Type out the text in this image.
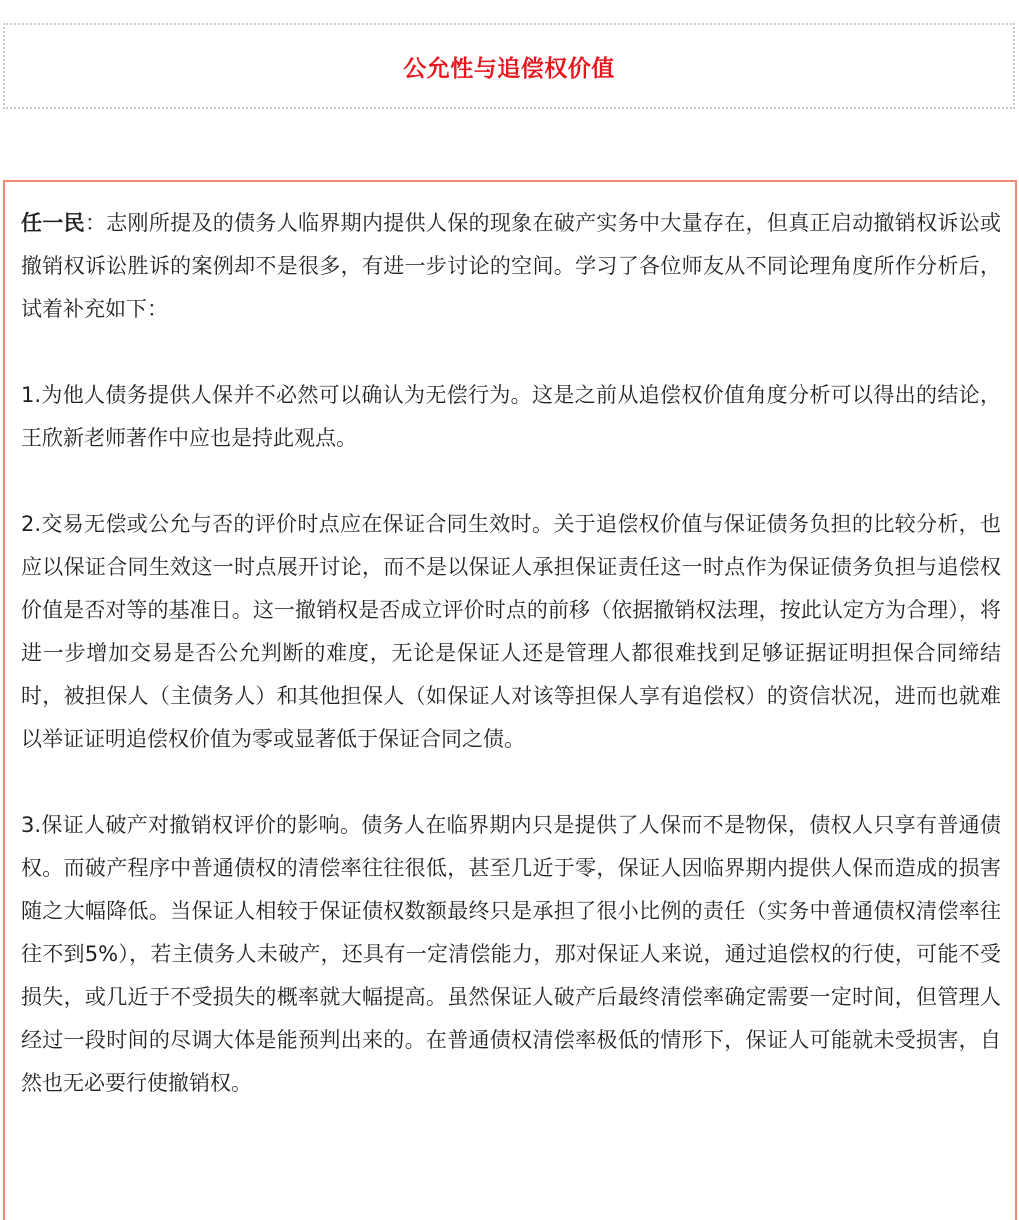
公允性与追偿权价值

任一民：志刚所提及的债务人临界期内提供人保的现象在破产实务中大量存在，但真正启动撤销权诉讼或撤销权诉讼胜诉的案例却不是很多，有进一步讨论的空间。学习了各位师友从不同论理角度所作分析后，试着补充如下：

1.为他人债务提供人保并不必然可以确认为无偿行为。这是之前从追偿权价值角度分析可以得出的结论，王欣新老师著作中应也是持此观点。

2.交易无偿或公允与否的评价时点应在保证合同生效时。关于追偿权价值与保证债务负担的比较分析，也应以保证合同生效这一时点展开讨论，而不是以保证人承担保证责任这一时点作为保证债务负担与追偿权价值是否对等的基准日。这一撤销权是否成立评价时点的前移（依据撤销权法理，按此认定方为合理），将进一步增加交易是否公允判断的难度，无论是保证人还是管理人都很难找到足够证据证明担保合同缔结时，被担保人（主债务人）和其他担保人（如保证人对该等担保人享有追偿权）的资信状况，进而也就难以举证证明追偿权价值为零或显著低于保证合同之债。

3.保证人破产对撤销权评价的影响。债务人在临界期内只是提供了人保而不是物保，债权人只享有普通债权。而破产程序中普通债权的清偿率往往很低，甚至几近于零，保证人因临界期内提供人保而造成的损害随之大幅降低。当保证人相较于保证债权数额最终只是承担了很小比例的责任（实务中普通债权清偿率往往不到5%），若主债务人未破产，还具有一定清偿能力，那对保证人来说，通过追偿权的行使，可能不受损失，或几近于不受损失的概率就大幅提高。虽然保证人破产后最终清偿率确定需要一定时间，但管理人经过一段时间的尽调大体是能预判出来的。在普通债权清偿率极低的情形下，保证人可能就未受损害，自然也无必要行使撤销权。
